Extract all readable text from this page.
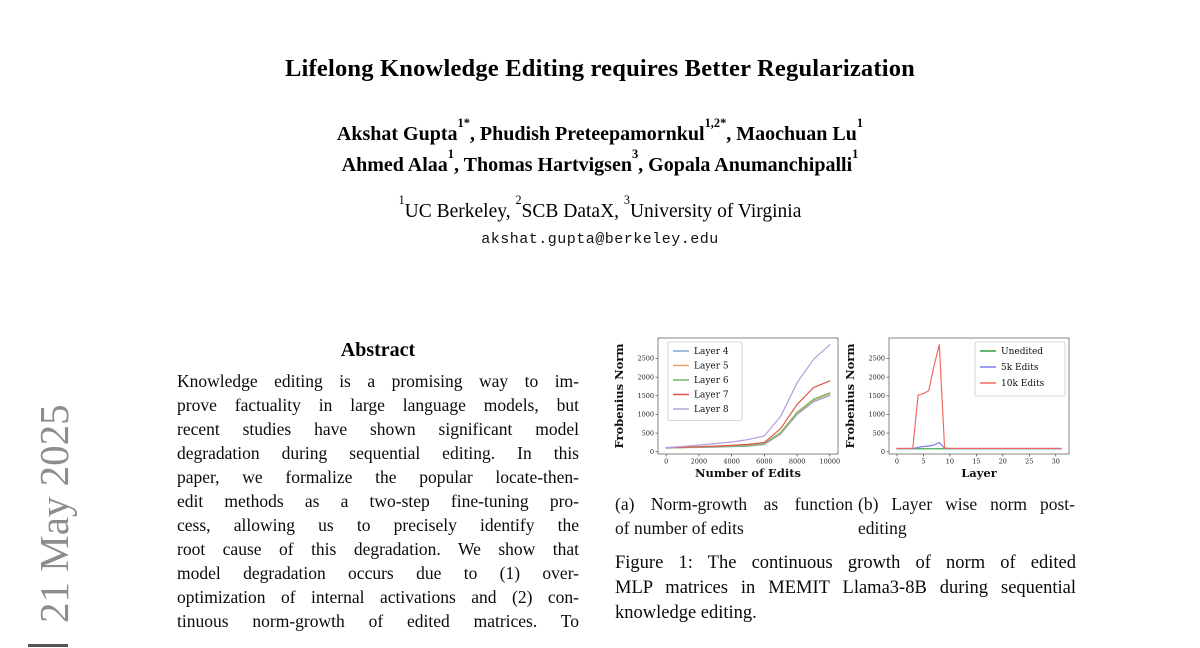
21 May 2025
Lifelong Knowledge Editing requires Better Regularization
Akshat Gupta$^{1*}$, Phudish Preteepamornkul$^{1,2*}$, Maochuan Lu$^1$
Ahmed Alaa$^1$, Thomas Hartvigsen$^3$, Gopala Anumanchipalli$^1$
$^1$UC Berkeley, $^2$SCB DataX, $^3$University of Virginia
akshat.gupta@berkeley.edu
Abstract
Knowledge editing is a promising way to im-
prove factuality in large language models, but
recent studies have shown significant model
degradation during sequential editing. In this
paper, we formalize the popular locate-then-
edit methods as a two-step fine-tuning pro-
cess, allowing us to precisely identify the
root cause of this degradation. We show that
model degradation occurs due to (1) over-
optimization of internal activations and (2) con-
tinuous norm-growth of edited matrices. To
0	2000 4000 6000 8000 10000
0
500
1000
1500
2000
2500
Number of Edits
Frobenius Norm	Layer 4
Layer 5
Layer 6
Layer 7
Layer 8
0	5	10	15	20	25	30
0
500
1000
1500
2000
2500
Layer
Frobenius Norm	Unedited
5k Edits
10k Edits
(a) Norm-growth as function
of number of edits
(b) Layer wise norm post-
editing
Figure 1: The continuous growth of norm of edited
MLP matrices in MEMIT Llama3-8B during sequential
knowledge editing.
